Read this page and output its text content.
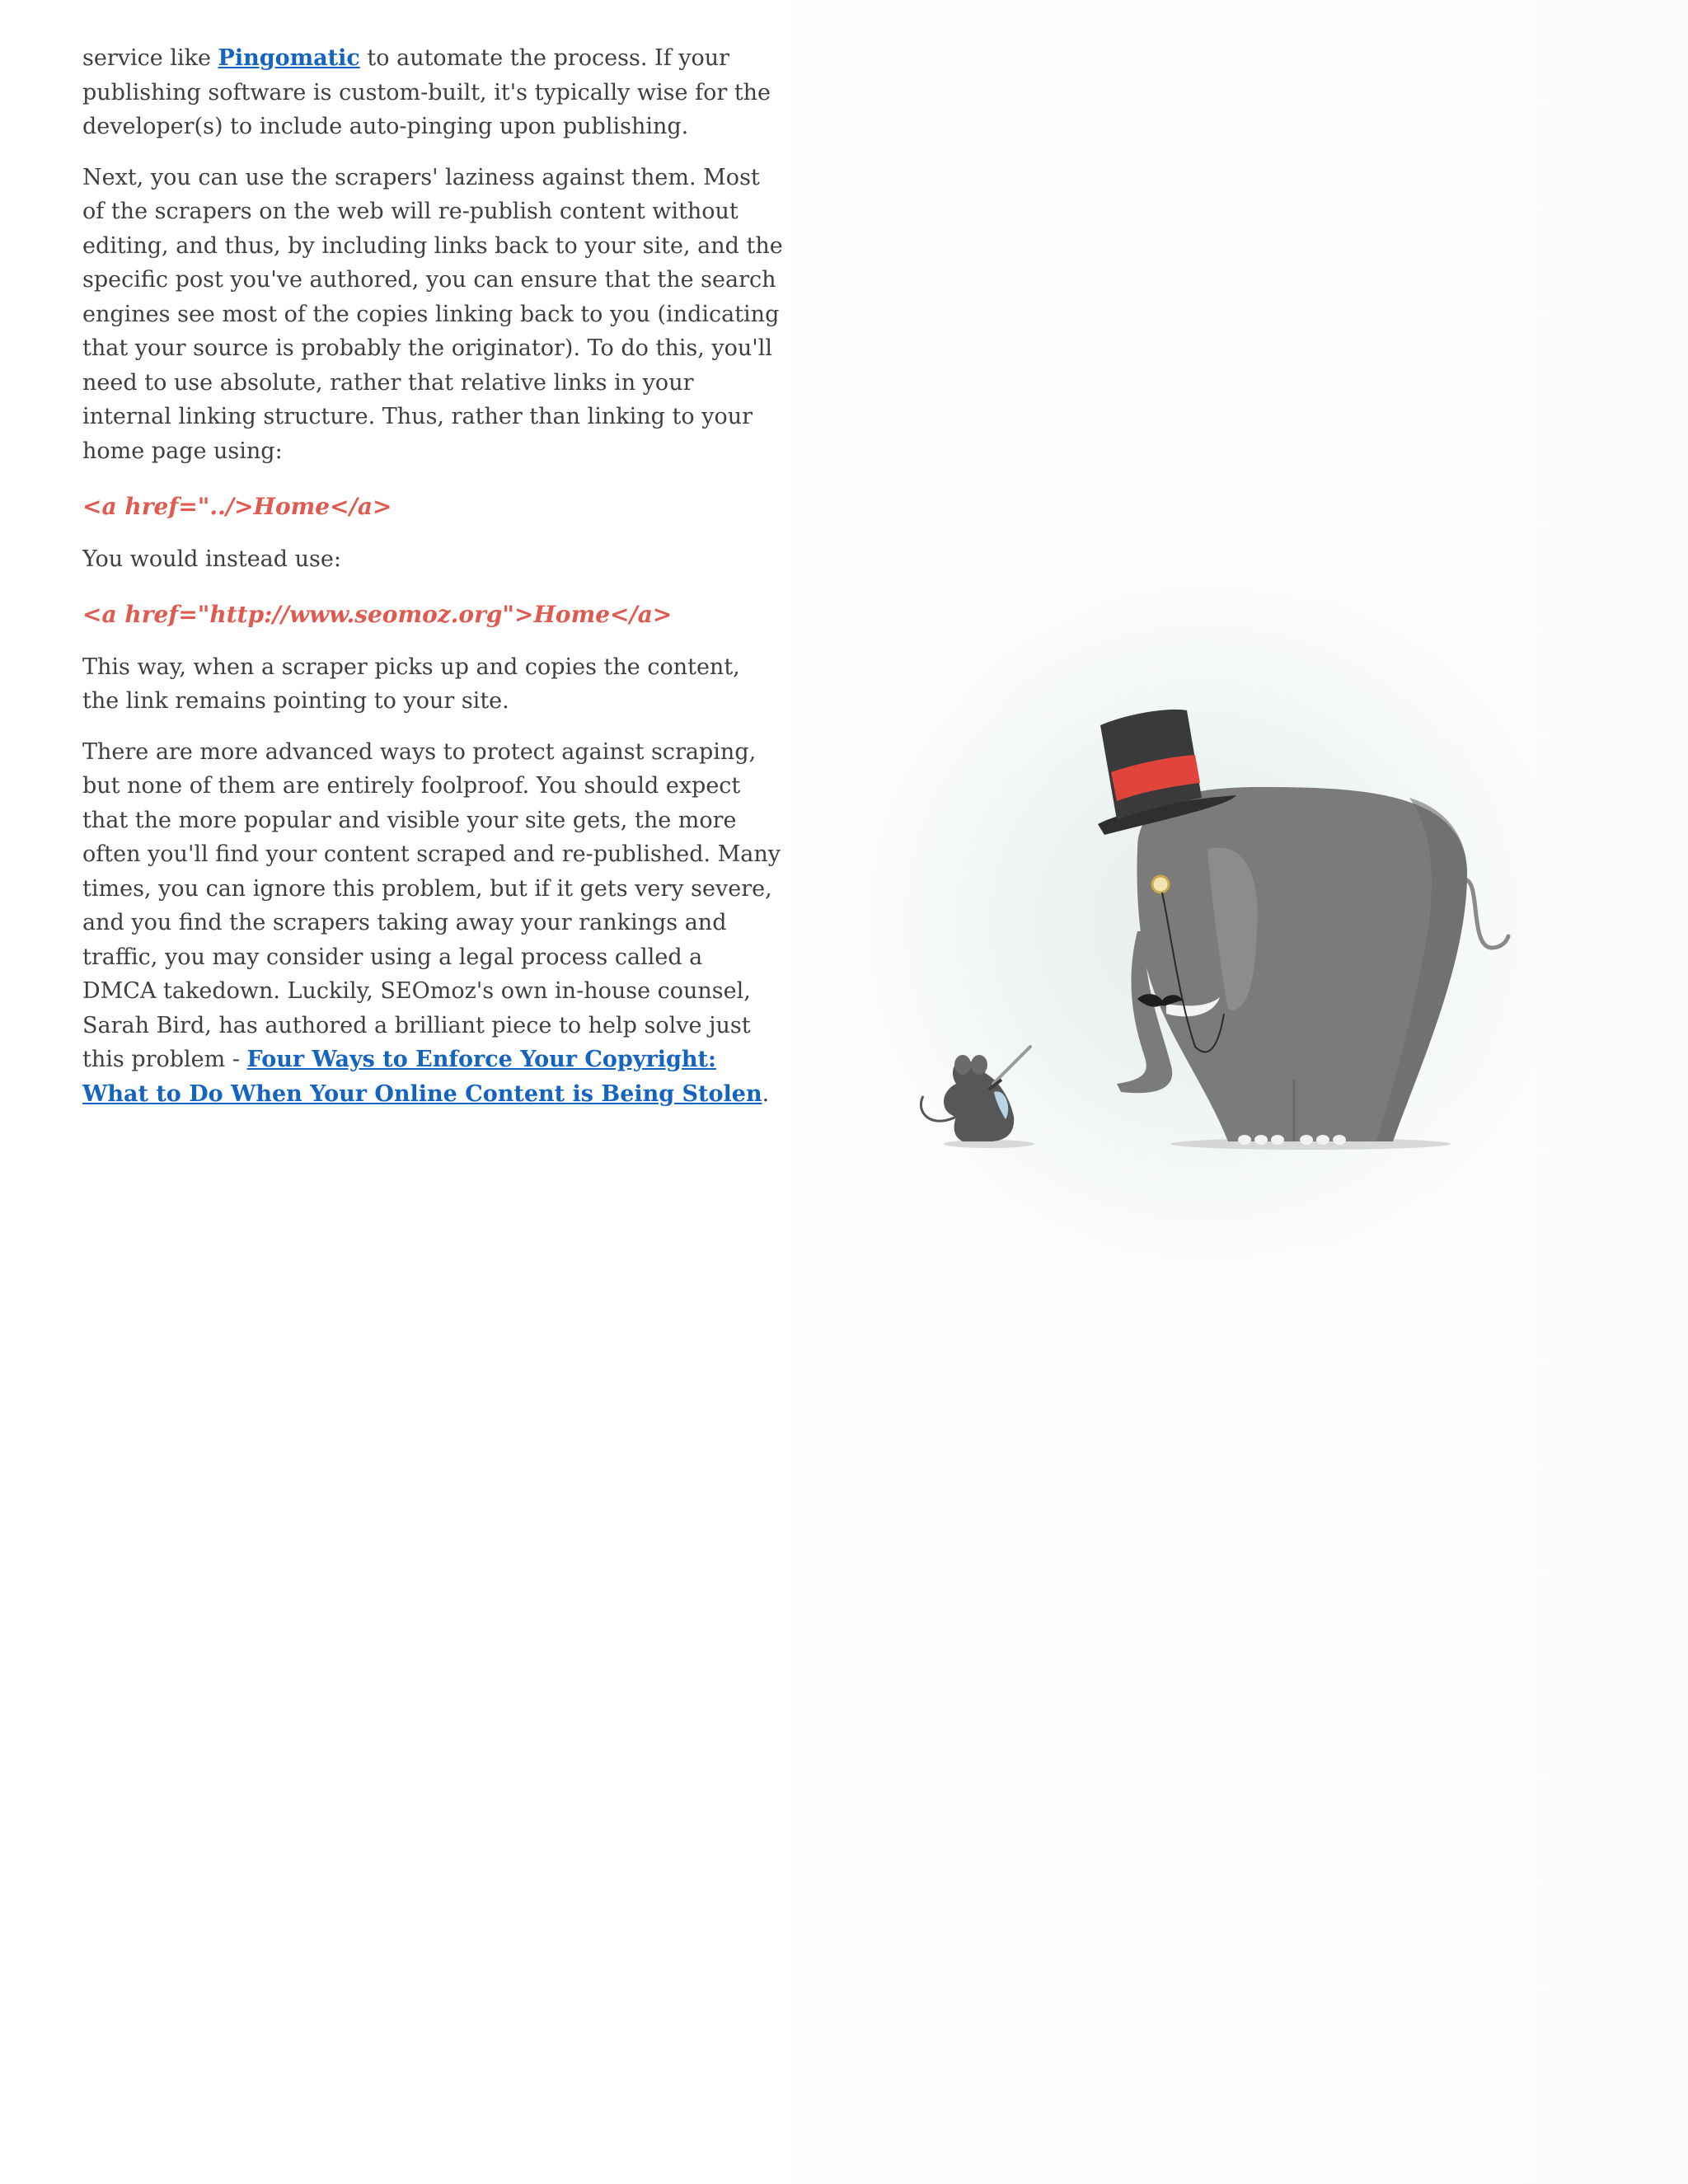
service like Pingomatic to automate the process. If your publishing software is custom-built, it's typically wise for the developer(s) to include auto-pinging upon publishing.

Next, you can use the scrapers' laziness against them. Most of the scrapers on the web will re-publish content without editing, and thus, by including links back to your site, and the specific post you've authored, you can ensure that the search engines see most of the copies linking back to you (indicating that your source is probably the originator). To do this, you'll need to use absolute, rather that relative links in your internal linking structure. Thus, rather than linking to your home page using:

<a href="../>Home</a>

You would instead use:

<a href="http://www.seomoz.org">Home</a>

This way, when a scraper picks up and copies the content, the link remains pointing to your site.

There are more advanced ways to protect against scraping, but none of them are entirely foolproof. You should expect that the more popular and visible your site gets, the more often you'll find your content scraped and re-published. Many times, you can ignore this problem, but if it gets very severe, and you find the scrapers taking away your rankings and traffic, you may consider using a legal process called a DMCA takedown. Luckily, SEOmoz's own in-house counsel, Sarah Bird, has authored a brilliant piece to help solve just this problem - Four Ways to Enforce Your Copyright: What to Do When Your Online Content is Being Stolen.
